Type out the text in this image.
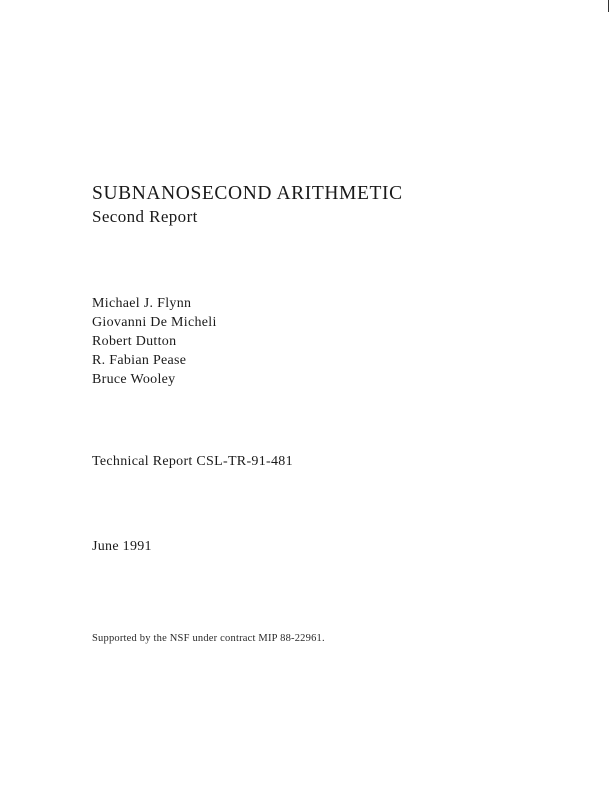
SUBNANOSECOND ARITHMETIC
Second Report
Michael J. Flynn
Giovanni De Micheli
Robert Dutton
R. Fabian Pease
Bruce Wooley
Technical Report CSL-TR-91-481
June 1991
Supported by the NSF under contract MIP 88-22961.
